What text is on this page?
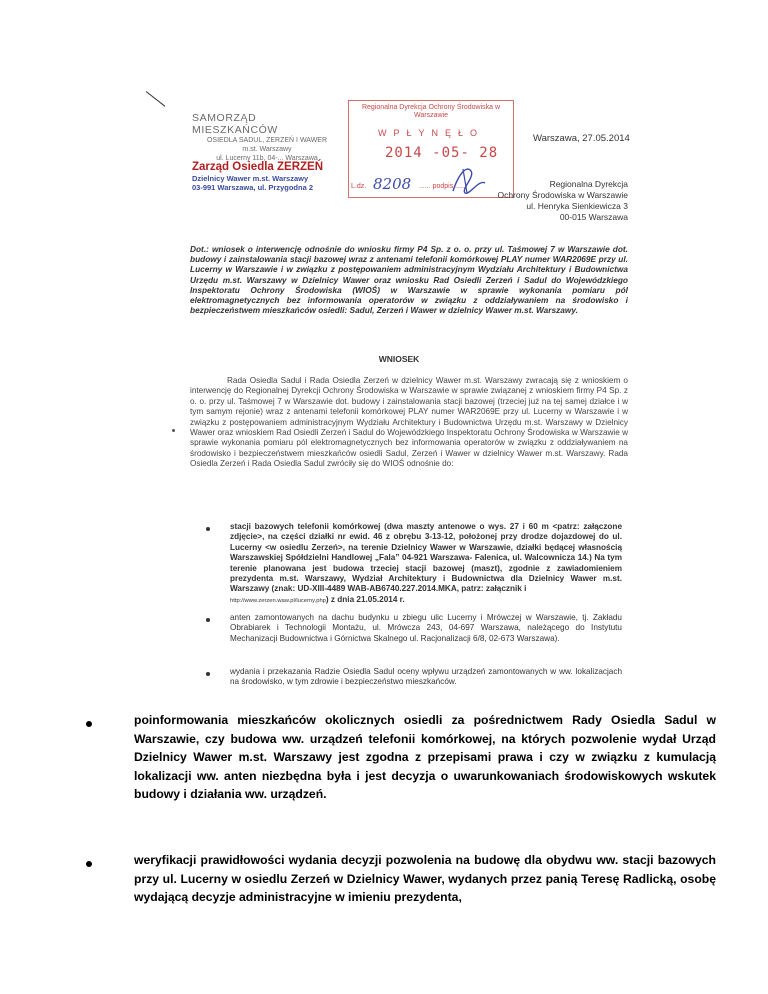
SAMORZĄD MIESZKAŃCÓW
OSIEDLA SADUL, ZERZEŃ I WAWER
m.st. Warszawy
ul. Lucerny 11b, 04-... Warszawa
Zarząd Osiedla ZERZEŃ
Dzielnicy Wawer m.st. Warszawy
03-991 Warszawa, ul. Przygodna 2
Regionalna Dyrekcja Ochrony Środowiska w Warszawie
WPŁYNĘŁO
2014 -05- 28
L.dz. 8208 ...... podpis ......
Warszawa, 27.05.2014
Regionalna Dyrekcja
Ochrony Środowiska w Warszawie
ul. Henryka Sienkiewicza 3
00-015 Warszawa
Dot.: wniosek o interwencję odnośnie do wniosku firmy P4 Sp. z o. o. przy ul. Taśmowej 7 w Warszawie dot. budowy i zainstalowania stacji bazowej wraz z antenami telefonii komórkowej PLAY numer WAR2069E przy ul. Lucerny w Warszawie i w związku z postępowaniem administracyjnym Wydziału Architektury i Budownictwa Urzędu m.st. Warszawy w Dzielnicy Wawer oraz wniosku Rad Osiedli Zerzeń i Sadul do Wojewódzkiego Inspektoratu Ochrony Środowiska (WIOŚ) w Warszawie w sprawie wykonania pomiaru pól elektromagnetycznych bez informowania operatorów w związku z oddziaływaniem na środowisko i bezpieczeństwem mieszkańców osiedli: Sadul, Zerzeń i Wawer w dzielnicy Wawer m.st. Warszawy.
WNIOSEK
Rada Osiedla Sadul i Rada Osiedla Zerzeń w dzielnicy Wawer m.st. Warszawy zwracają się z wnioskiem o interwencję do Regionalnej Dyrekcji Ochrony Środowiska w Warszawie w sprawie związanej z wnioskiem firmy P4 Sp. z o. o. przy ul. Taśmowej 7 w Warszawie dot. budowy i zainstalowania stacji bazowej (trzeciej już na tej samej działce i w tym samym rejonie) wraz z antenami telefonii komórkowej PLAY numer WAR2069E przy ul. Lucerny w Warszawie i w związku z postępowaniem administracyjnym Wydziału Architektury i Budownictwa Urzędu m.st. Warszawy w Dzielnicy Wawer oraz wnioskiem Rad Osiedli Zerzeń i Sadul do Wojewódzkiego Inspektoratu Ochrony Środowiska w Warszawie w sprawie wykonania pomiaru pól elektromagnetycznych bez informowania operatorów w związku z oddziaływaniem na środowisko i bezpieczeństwem mieszkańców osiedli Sadul, Zerzeń i Wawer w dzielnicy Wawer m.st. Warszawy. Rada Osiedla Zerzeń i Rada Osiedla Sadul zwróciły się do WIOŚ odnośnie do:
stacji bazowych telefonii komórkowej (dwa maszty antenowe o wys. 27 i 60 m <patrz: załączone zdjęcie>, na części działki nr ewid. 46 z obrębu 3-13-12, położonej przy drodze dojazdowej do ul. Lucerny <w osiedlu Zerzeń>, na terenie Dzielnicy Wawer w Warszawie, działki będącej własnością Warszawskiej Spółdzielni Handlowej „Fala” 04-921 Warszawa- Falenica, ul. Walcownicza 14.) Na tym terenie planowana jest budowa trzeciej stacji bazowej (maszt), zgodnie z zawiadomieniem prezydenta m.st. Warszawy, Wydział Architektury i Budownictwa dla Dzielnicy Wawer m.st. Warszawy (znak: UD-XIII-4489 WAB-AB6740.227.2014.MKA, patrz: załącznik i
http://www.zerzen.waw.pl/lucerny.php) z dnia 21.05.2014 r.
anten zamontowanych na dachu budynku u zbiegu ulic Lucerny i Mrówczej w Warszawie, tj. Zakładu Obrabiarek i Technologii Montażu, ul. Mrówcza 243, 04-697 Warszawa, należącego do Instytutu Mechanizacji Budownictwa i Górnictwa Skalnego ul. Racjonalizacji 6/8, 02-673 Warszawa).
wydania i przekazania Radzie Osiedla Sadul oceny wpływu urządzeń zamontowanych w ww. lokalizacjach na środowisko, w tym zdrowie i bezpieczeństwo mieszkańców.
poinformowania mieszkańców okolicznych osiedli za pośrednictwem Rady Osiedla Sadul w Warszawie, czy budowa ww. urządzeń telefonii komórkowej, na których pozwolenie wydał Urząd Dzielnicy Wawer m.st. Warszawy jest zgodna z przepisami prawa i czy w związku z kumulacją lokalizacji ww. anten niezbędna była i jest decyzja o uwarunkowaniach środowiskowych wskutek budowy i działania ww. urządzeń.
weryfikacji prawidłowości wydania decyzji pozwolenia na budowę dla obydwu ww. stacji bazowych przy ul. Lucerny w osiedlu Zerzeń w Dzielnicy Wawer, wydanych przez panią Teresę Radlicką, osobę wydającą decyzje administracyjne w imieniu prezydenta,
